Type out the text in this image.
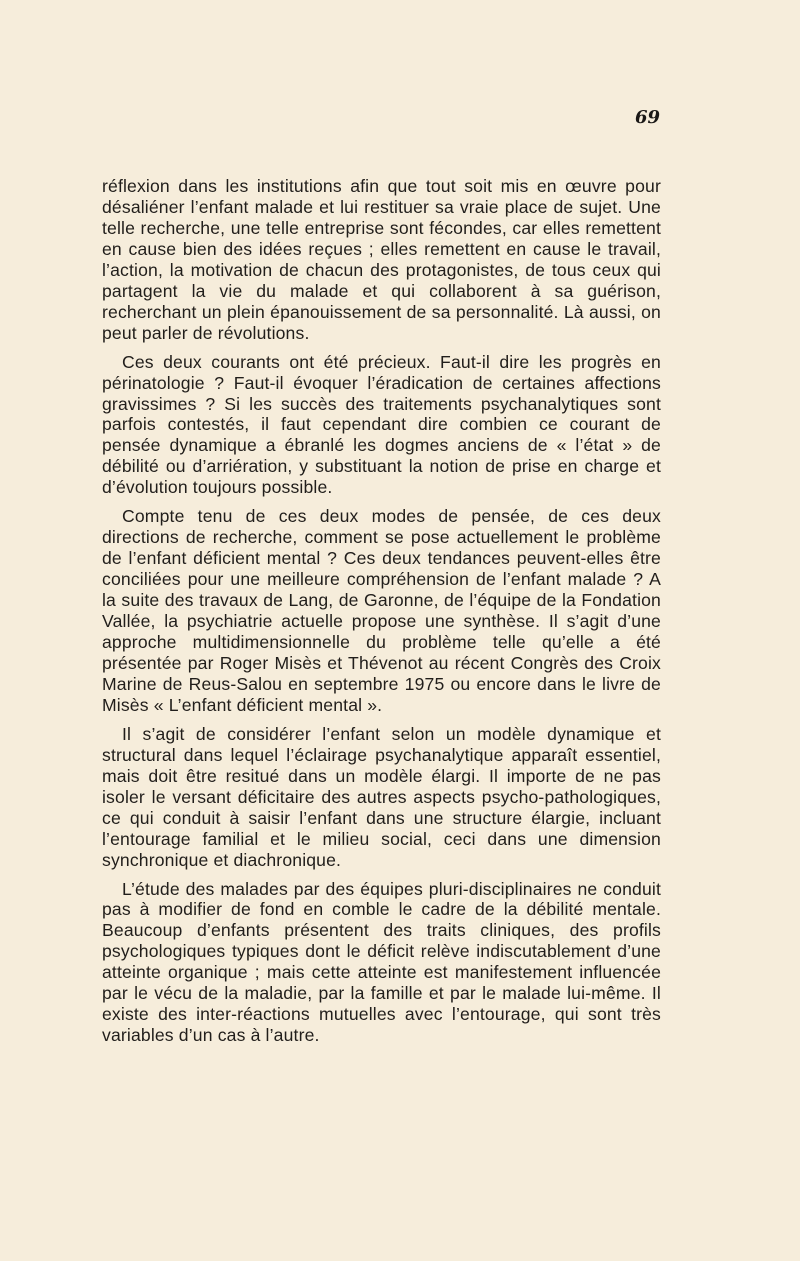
69

réflexion dans les institutions afin que tout soit mis en œuvre pour désaliéner l’enfant malade et lui restituer sa vraie place de sujet. Une telle recherche, une telle entreprise sont fécondes, car elles remettent en cause bien des idées reçues ; elles remettent en cause le travail, l’action, la motivation de chacun des protagonistes, de tous ceux qui partagent la vie du malade et qui collaborent à sa guérison, recherchant un plein épanouissement de sa personnalité. Là aussi, on peut parler de révolutions.

Ces deux courants ont été précieux. Faut-il dire les progrès en périnatologie ? Faut-il évoquer l’éradication de certaines affections gravissimes ? Si les succès des traitements psychanalytiques sont parfois contestés, il faut cependant dire combien ce courant de pensée dynamique a ébranlé les dogmes anciens de « l’état » de débilité ou d’arriération, y substituant la notion de prise en charge et d’évolution toujours possible.

Compte tenu de ces deux modes de pensée, de ces deux directions de recherche, comment se pose actuellement le problème de l’enfant déficient mental ? Ces deux tendances peuvent-elles être conciliées pour une meilleure compréhension de l’enfant malade ? A la suite des travaux de Lang, de Garonne, de l’équipe de la Fondation Vallée, la psychiatrie actuelle propose une synthèse. Il s’agit d’une approche multidimensionnelle du problème telle qu’elle a été présentée par Roger Misès et Thévenot au récent Congrès des Croix Marine de Reus-Salou en septembre 1975 ou encore dans le livre de Misès « L’enfant déficient mental ».

Il s’agit de considérer l’enfant selon un modèle dynamique et structural dans lequel l’éclairage psychanalytique apparaît essentiel, mais doit être resitué dans un modèle élargi. Il importe de ne pas isoler le versant déficitaire des autres aspects psycho-pathologiques, ce qui conduit à saisir l’enfant dans une structure élargie, incluant l’entourage familial et le milieu social, ceci dans une dimension synchronique et diachronique.

L’étude des malades par des équipes pluri-disciplinaires ne conduit pas à modifier de fond en comble le cadre de la débilité mentale. Beaucoup d’enfants présentent des traits cliniques, des profils psychologiques typiques dont le déficit relève indiscutablement d’une atteinte organique ; mais cette atteinte est manifestement influencée par le vécu de la maladie, par la famille et par le malade lui-même. Il existe des inter-réactions mutuelles avec l’entourage, qui sont très variables d’un cas à l’autre.
